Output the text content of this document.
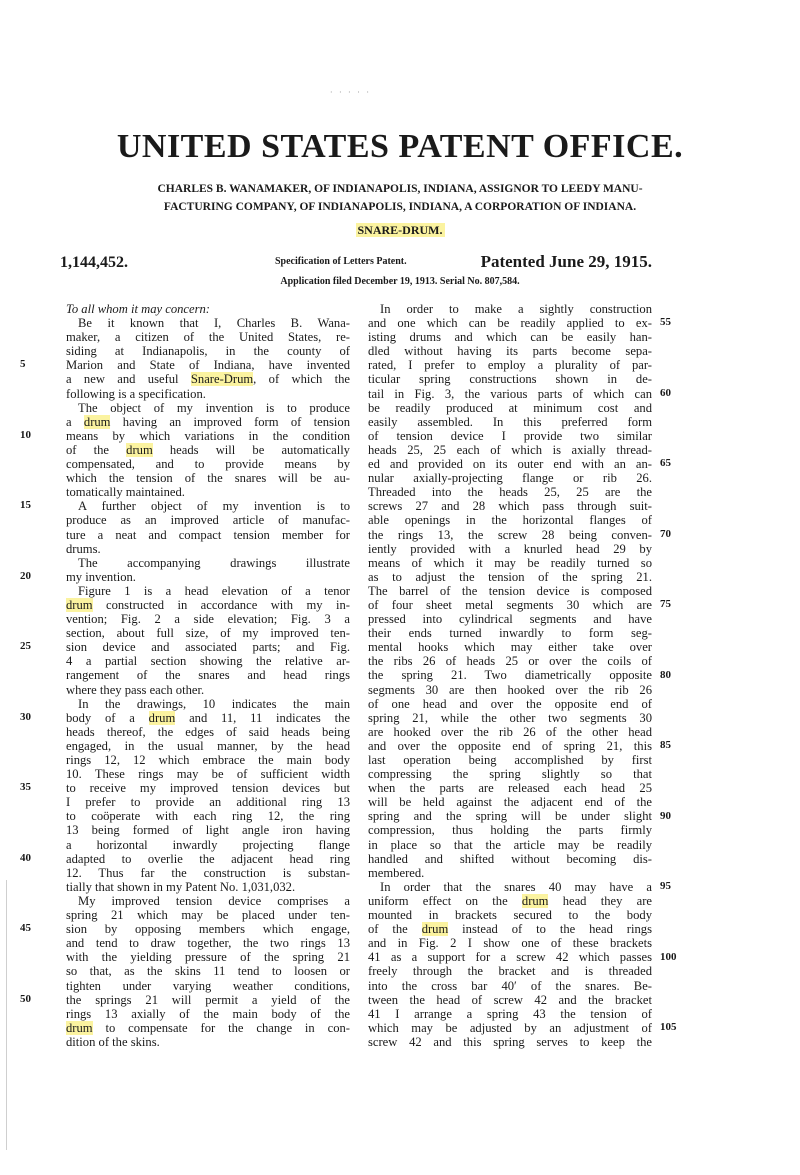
· · · · ·
UNITED STATES PATENT OFFICE.
CHARLES B. WANAMAKER, OF INDIANAPOLIS, INDIANA, ASSIGNOR TO LEEDY MANU-
FACTURING COMPANY, OF INDIANAPOLIS, INDIANA, A CORPORATION OF INDIANA.
SNARE-DRUM.
1,144,452.	Specification of Letters Patent.	Patented June 29, 1915.
Application filed December 19, 1913. Serial No. 807,584.
To all whom it may concern:
Be it known that I, Charles B. Wana-
maker, a citizen of the United States, re-
siding at Indianapolis, in the county of
Marion and State of Indiana, have invented
a new and useful Snare-Drum, of which the
following is a specification.
The object of my invention is to produce
a drum having an improved form of tension
means by which variations in the condition
of the drum heads will be automatically
compensated, and to provide means by
which the tension of the snares will be au-
tomatically maintained.
A further object of my invention is to
produce as an improved article of manufac-
ture a neat and compact tension member for
drums.
The accompanying drawings illustrate
my invention.
Figure 1 is a head elevation of a tenor
drum constructed in accordance with my in-
vention; Fig. 2 a side elevation; Fig. 3 a
section, about full size, of my improved ten-
sion device and associated parts; and Fig.
4 a partial section showing the relative ar-
rangement of the snares and head rings
where they pass each other.
In the drawings, 10 indicates the main
body of a drum and 11, 11 indicates the
heads thereof, the edges of said heads being
engaged, in the usual manner, by the head
rings 12, 12 which embrace the main body
10. These rings may be of sufficient width
to receive my improved tension devices but
I prefer to provide an additional ring 13
to coöperate with each ring 12, the ring
13 being formed of light angle iron having
a horizontal inwardly projecting flange
adapted to overlie the adjacent head ring
12. Thus far the construction is substan-
tially that shown in my Patent No. 1,031,032.
My improved tension device comprises a
spring 21 which may be placed under ten-
sion by opposing members which engage,
and tend to draw together, the two rings 13
with the yielding pressure of the spring 21
so that, as the skins 11 tend to loosen or
tighten under varying weather conditions,
the springs 21 will permit a yield of the
rings 13 axially of the main body of the
drum to compensate for the change in con-
dition of the skins.
In order to make a sightly construction
and one which can be readily applied to ex-
isting drums and which can be easily han-
dled without having its parts become sepa-
rated, I prefer to employ a plurality of par-
ticular spring constructions shown in de-
tail in Fig. 3, the various parts of which can
be readily produced at minimum cost and
easily assembled. In this preferred form
of tension device I provide two similar
heads 25, 25 each of which is axially thread-
ed and provided on its outer end with an an-
nular axially-projecting flange or rib 26.
Threaded into the heads 25, 25 are the
screws 27 and 28 which pass through suit-
able openings in the horizontal flanges of
the rings 13, the screw 28 being conven-
iently provided with a knurled head 29 by
means of which it may be readily turned so
as to adjust the tension of the spring 21.
The barrel of the tension device is composed
of four sheet metal segments 30 which are
pressed into cylindrical segments and have
their ends turned inwardly to form seg-
mental hooks which may either take over
the ribs 26 of heads 25 or over the coils of
the spring 21. Two diametrically opposite
segments 30 are then hooked over the rib 26
of one head and over the opposite end of
spring 21, while the other two segments 30
are hooked over the rib 26 of the other head
and over the opposite end of spring 21, this
last operation being accomplished by first
compressing the spring slightly so that
when the parts are released each head 25
will be held against the adjacent end of the
spring and the spring will be under slight
compression, thus holding the parts firmly
in place so that the article may be readily
handled and shifted without becoming dis-
membered.
In order that the snares 40 may have a
uniform effect on the drum head they are
mounted in brackets secured to the body
of the drum instead of to the head rings
and in Fig. 2 I show one of these brackets
41 as a support for a screw 42 which passes
freely through the bracket and is threaded
into the cross bar 40′ of the snares. Be-
tween the head of screw 42 and the bracket
41 I arrange a spring 43 the tension of
which may be adjusted by an adjustment of
screw 42 and this spring serves to keep the
5
10
15
20
25
30
35
40
45
50
55
60
65
70
75
80
85
90
95
100
105
